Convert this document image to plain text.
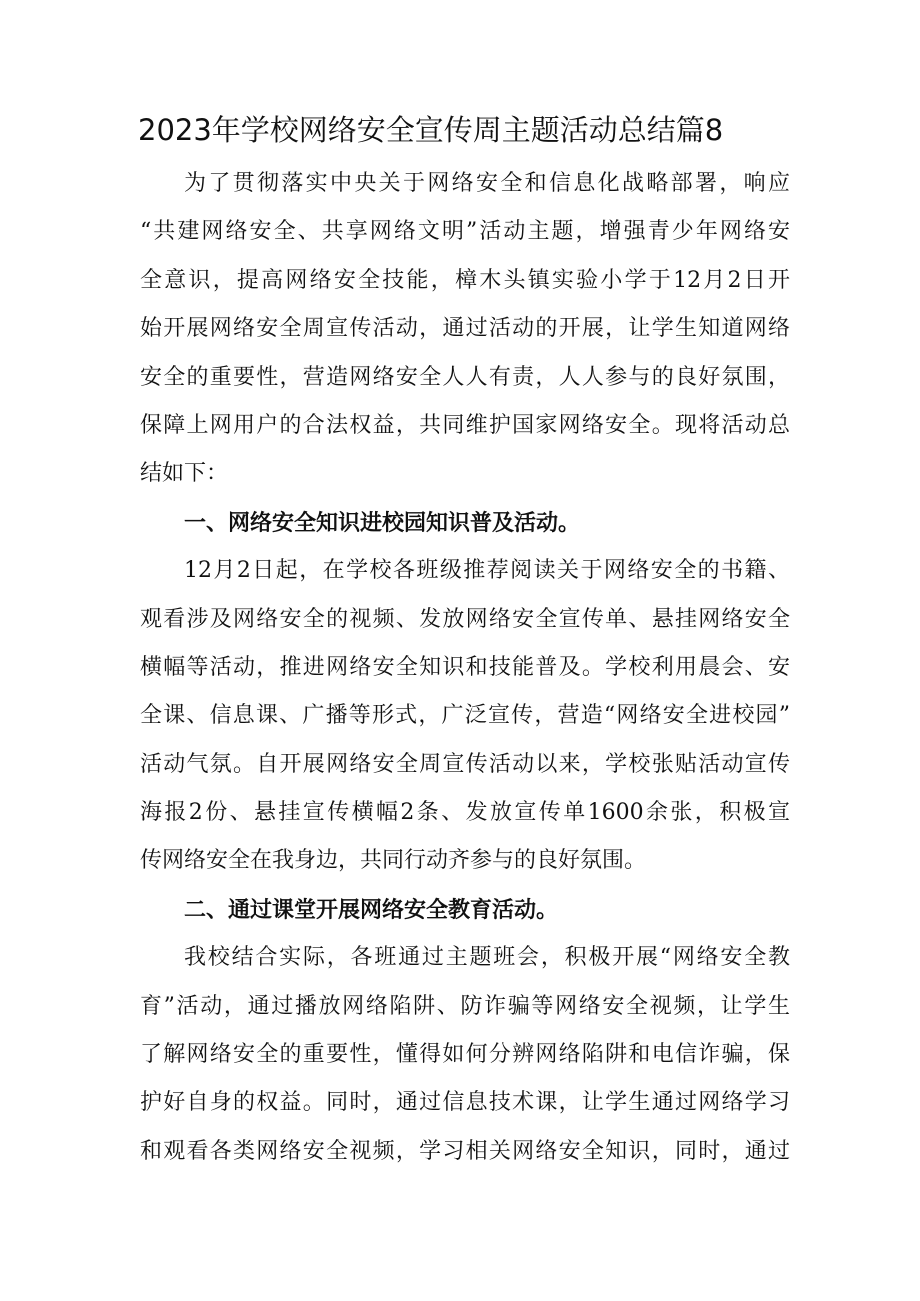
2023年学校网络安全宣传周主题活动总结篇8
为了贯彻落实中央关于网络安全和信息化战略部署，响应
“共建网络安全、共享网络文明”活动主题，增强青少年网络安
全意识，提高网络安全技能，樟木头镇实验小学于12月2日开
始开展网络安全周宣传活动，通过活动的开展，让学生知道网络
安全的重要性，营造网络安全人人有责，人人参与的良好氛围，
保障上网用户的合法权益，共同维护国家网络安全。现将活动总
结如下：
一、网络安全知识进校园知识普及活动。
12月2日起，在学校各班级推荐阅读关于网络安全的书籍、
观看涉及网络安全的视频、发放网络安全宣传单、悬挂网络安全
横幅等活动，推进网络安全知识和技能普及。学校利用晨会、安
全课、信息课、广播等形式，广泛宣传，营造“网络安全进校园”
活动气氛。自开展网络安全周宣传活动以来，学校张贴活动宣传
海报2份、悬挂宣传横幅2条、发放宣传单1600余张，积极宣
传网络安全在我身边，共同行动齐参与的良好氛围。
二、通过课堂开展网络安全教育活动。
我校结合实际，各班通过主题班会，积极开展“网络安全教
育”活动，通过播放网络陷阱、防诈骗等网络安全视频，让学生
了解网络安全的重要性，懂得如何分辨网络陷阱和电信诈骗，保
护好自身的权益。同时，通过信息技术课，让学生通过网络学习
和观看各类网络安全视频，学习相关网络安全知识，同时，通过
